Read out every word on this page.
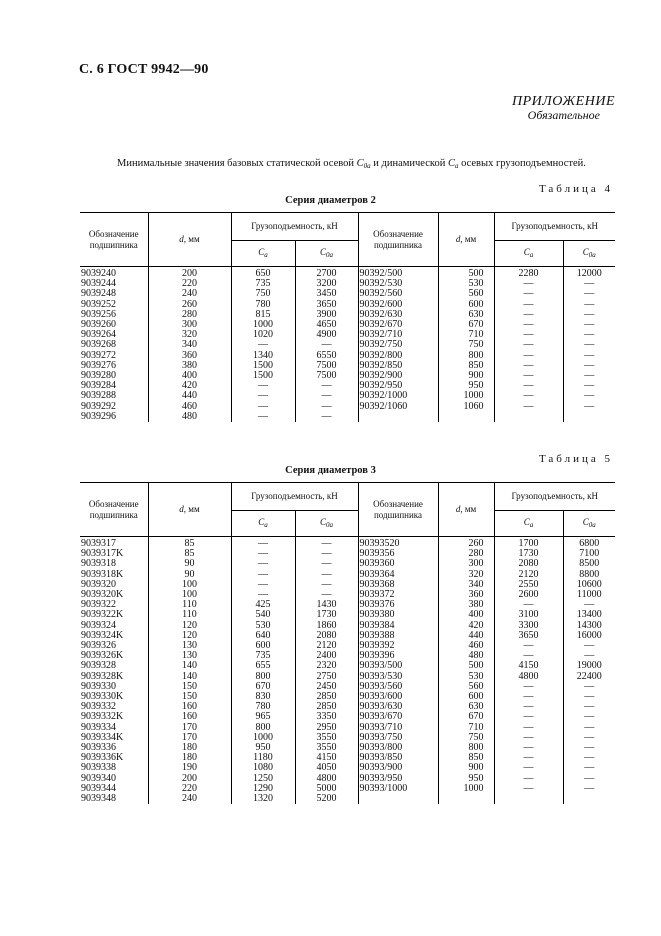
С. 6 ГОСТ 9942—90
ПРИЛОЖЕНИЕ
Обязательное
Минимальные значения базовых статической осевой $C_{0a}$ и динамической $C_a$ осевых грузоподъемностей.
Таблица 4
Серия диаметров 2
Обозначение подшипника	d, мм	Грузоподъемность, кН		Обозначение подшипника	d, мм	Грузоподъемность, кН	
		$C_a$	$C_{0a}$			$C_a$	$C_{0a}$
9039240	200	650	2700	90392/500	500	2280	12000
9039244	220	735	3200	90392/530	530	—	—
9039248	240	750	3450	90392/560	560	—	—
9039252	260	780	3650	90392/600	600	—	—
9039256	280	815	3900	90392/630	630	—	—
9039260	300	1000	4650	90392/670	670	—	—
9039264	320	1020	4900	90392/710	710	—	—
9039268	340	—	—	90392/750	750	—	—
9039272	360	1340	6550	90392/800	800	—	—
9039276	380	1500	7500	90392/850	850	—	—
9039280	400	1500	7500	90392/900	900	—	—
9039284	420	—	—	90392/950	950	—	—
9039288	440	—	—	90392/1000	1000	—	—
9039292	460	—	—	90392/1060	1060	—	—
9039296	480	—	—				
Таблица 5
Серия диаметров 3
Обозначение подшипника	d, мм	Грузоподъемность, кН		Обозначение подшипника	d, мм	Грузоподъемность, кН	
		$C_a$	$C_{0a}$			$C_a$	$C_{0a}$
9039317	85	—	—	90393520	260	1700	6800
9039317K	85	—	—	9039356	280	1730	7100
9039318	90	—	—	9039360	300	2080	8500
9039318K	90	—	—	9039364	320	2120	8800
9039320	100	—	—	9039368	340	2550	10600
9039320K	100	—	—	9039372	360	2600	11000
9039322	110	425	1430	9039376	380	—	—
9039322K	110	540	1730	9039380	400	3100	13400
9039324	120	530	1860	9039384	420	3300	14300
9039324K	120	640	2080	9039388	440	3650	16000
9039326	130	600	2120	9039392	460	—	—
9039326K	130	735	2400	9039396	480	—	—
9039328	140	655	2320	90393/500	500	4150	19000
9039328K	140	800	2750	90393/530	530	4800	22400
9039330	150	670	2450	90393/560	560	—	—
9039330K	150	830	2850	90393/600	600	—	—
9039332	160	780	2850	90393/630	630	—	—
9039332K	160	965	3350	90393/670	670	—	—
9039334	170	800	2950	90393/710	710	—	—
9039334K	170	1000	3550	90393/750	750	—	—
9039336	180	950	3550	90393/800	800	—	—
9039336K	180	1180	4150	90393/850	850	—	—
9039338	190	1080	4050	90393/900	900	—	—
9039340	200	1250	4800	90393/950	950	—	—
9039344	220	1290	5000	90393/1000	1000	—	—
9039348	240	1320	5200				
